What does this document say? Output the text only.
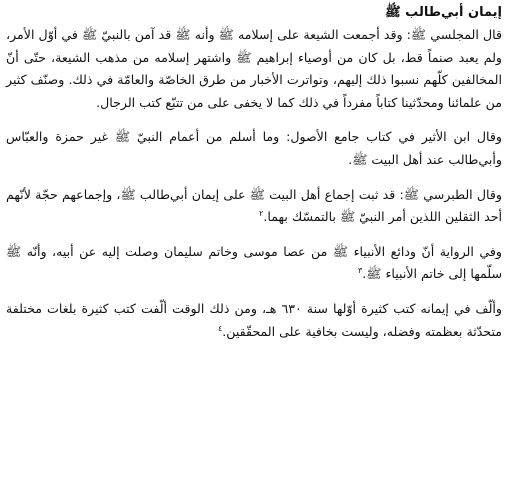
إيمان أبي‌طالب ﷺ

قال المجلسي ﷺ: وقد أجمعت الشيعة على إسلامه ﷺ وأنه ﷺ قد آمن بالنبيّ ﷺ في أوّل الأمر، ولم يعبد صنماً قط، بل كان من أوصياء إبراهيم ﷺ واشتهر إسلامه من مذهب الشيعة، حتّى أنّ المخالفين كلّهم نسبوا ذلك إليهم، وتواترت الأخبار من طرق الخاصّة والعامّة في ذلك. وصنّف كثير من علمائنا ومحدّثينا كتاباً مفرداً في ذلك كما لا يخفى على من تتبّع كتب الرجال.

وقال ابن الأثير في كتاب جامع الأصول: وما أسلم من أعمام النبيّ ﷺ غير حمزة والعبّاس وأبي‌طالب عند أهل البيت ﷺ.

وقال الطبرسي ﷺ: قد ثبت إجماع أهل البيت ﷺ على إيمان أبي‌طالب ﷺ، وإجماعهم حجّة لأنّهم أحد الثقلين اللذين أمر النبيّ ﷺ بالتمسّك بهما.$^٢$

وفي الرواية أنّ ودائع الأنبياء ﷺ من عصا موسى وخاتم سليمان وصلت إليه عن أبيه، وأنّه ﷺ سلّمها إلى خاتم الأنبياء ﷺ.$^٣$

وألّف في إيمانه كتب كثيرة أوّلها سنة ٦٣٠ هـ، ومن ذلك الوقت ألّفت كتب كثيرة بلغات مختلفة متحدّثة بعظمته وفضله، وليست بخافية على المحقّقين.$^٤$
